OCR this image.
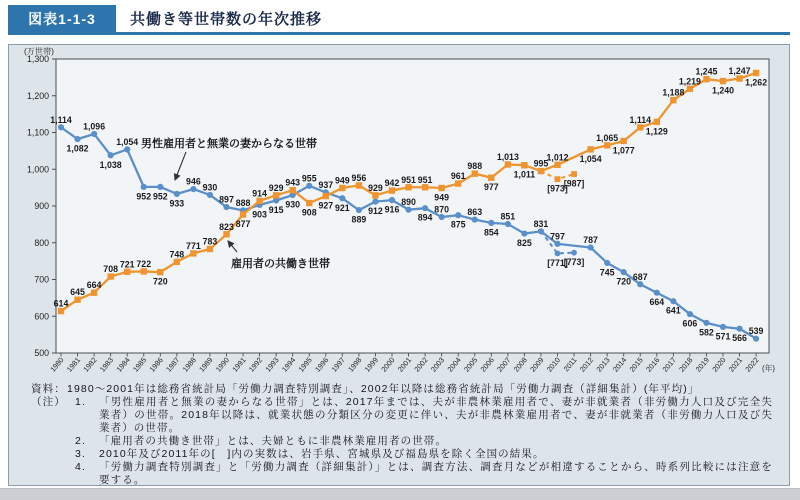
図表1-1-3	共働き等世帯数の年次推移
500
600
700
800
900
1,000
1,100
1,200
1,300
(万世帯)
1980 1981 1982 1983 1984 1985 1986 1987 1988 1989 1990 1991 1992 1993 1994 1995 1996 1997 1998 1999 2000 2001 2002 2003 2004 2005 2006 2007 2008 2009 2010 2011 2012 2013 2014 2015 2016 2017 2018 2019 2020 2021 2022 (年)
[771]
[773]
[973]
[987]
1,114
1,082
1,096
1,038
1,054
952 952
933
946
930
897 888
903 915
930
955
937
921
889
912 916
890
894
870
875
863
854
851
825
831
797 787
745
720 687
664
641
606
582 571 566
539
614
645
664
708 721 722
720
748
771 783
823 877
914
929
943
908
927
949 956
929 942 951 951
949
961
988
977
1,013
1,011
995
1,012 1,054
1,065
1,077
1,114
1,129
1,188
1,219
1,245
1,240
1,247
1,262
男性雇用者と無業の妻からなる世帯
雇用者の共働き世帯
資料： 1980～2001年は総務省統計局「労働力調査特別調査」、2002年以降は総務省統計局「労働力調査（詳細集計）(年平均)」
（注） 1.	「男性雇用者と無業の妻からなる世帯」とは、2017年までは、夫が非農林業雇用者で、妻が非就業者（非労働力人口及び完全失業者）の世帯。2018年以降は、就業状態の分類区分の変更に伴い、夫が非農林業雇用者で、妻が非就業者（非労働力人口及び失業者）の世帯。
2.	「雇用者の共働き世帯」とは、夫婦ともに非農林業雇用者の世帯。
3.	2010年及び2011年の[　]内の実数は、岩手県、宮城県及び福島県を除く全国の結果。
4.	「労働力調査特別調査」と「労働力調査（詳細集計）」とは、調査方法、調査月などが相違することから、時系列比較には注意を要する。
